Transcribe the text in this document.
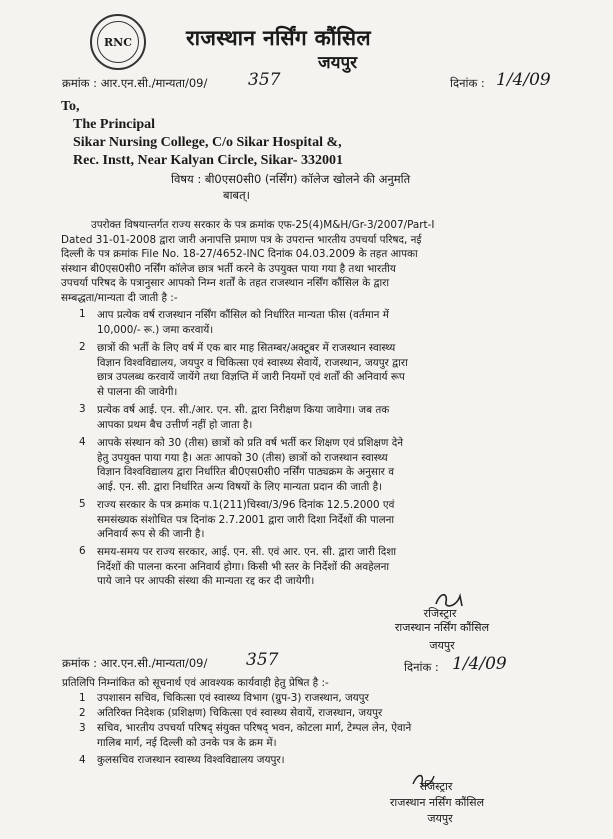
RNC	राजस्थान नर्सिंग कौंसिल
जयपुर
क्रमांक : आर.एन.सी./मान्यता/09/ 357	दिनांक : 1/4/09
To,
The Principal
Sikar Nursing College, C/o Sikar Hospital &,
Rec. Instt, Near Kalyan Circle, Sikar- 332001
विषय : बी0एस0सी0 (नर्सिंग) कॉलेज खोलने की अनुमति
बाबत्।
उपरोक्त विषयान्तर्गत राज्य सरकार के पत्र क्रमांक एफ-25(4)M&H/Gr-3/2007/Part-I
Dated 31-01-2008 द्वारा जारी अनापत्ति प्रमाण पत्र के उपरान्त भारतीय उपचर्या परिषद, नई
दिल्ली के पत्र क्रमांक File No. 18-27/4652-INC दिनांक 04.03.2009 के तहत आपका
संस्थान बी0एस0सी0 नर्सिंग कॉलेज छात्र भर्ती करने के उपयुक्त पाया गया है तथा भारतीय
उपचर्या परिषद के पत्रानुसार आपको निम्न शर्तों के तहत राजस्थान नर्सिंग कौंसिल के द्वारा
सम्बद्धता/मान्यता दी जाती है :-
1 आप प्रत्येक वर्ष राजस्थान नर्सिंग कौंसिल को निर्धारित मान्यता फीस (वर्तमान में
10,000/- रू.) जमा करवायें।
2 छात्रों की भर्ती के लिए वर्ष में एक बार माह सितम्बर/अक्टूबर में राजस्थान स्वास्थ्य
विज्ञान विश्वविद्यालय, जयपुर व चिकित्सा एवं स्वास्थ्य सेवायें, राजस्थान, जयपुर द्वारा
छात्र उपलब्ध करवायें जायेंगे तथा विज्ञप्ति में जारी नियमों एवं शर्तों की अनिवार्य रूप
से पालना की जावेगी।
3 प्रत्येक वर्ष आई. एन. सी./आर. एन. सी. द्वारा निरीक्षण किया जावेगा। जब तक
आपका प्रथम बैच उत्तीर्ण नहीं हो जाता है।
4 आपके संस्थान को 30 (तीस) छात्रों को प्रति वर्ष भर्ती कर शिक्षण एवं प्रशिक्षण देने
हेतु उपयुक्त पाया गया है। अतः आपको 30 (तीस) छात्रों को राजस्थान स्वास्थ्य
विज्ञान विश्वविद्यालय द्वारा निर्धारित बी0एस0सी0 नर्सिंग पाठ्यक्रम के अनुसार व
आई. एन. सी. द्वारा निर्धारित अन्य विषयों के लिए मान्यता प्रदान की जाती है।
5 राज्य सरकार के पत्र क्रमांक प.1(211)चिस्वा/3/96 दिनांक 12.5.2000 एवं
समसंख्यक संशोधित पत्र दिनांक 2.7.2001 द्वारा जारी दिशा निर्देशों की पालना
अनिवार्य रूप से की जानी है।
6 समय-समय पर राज्य सरकार, आई. एन. सी. एवं आर. एन. सी. द्वारा जारी दिशा
निर्देशों की पालना करना अनिवार्य होगा। किसी भी स्तर के निर्देशों की अवहेलना
पाये जाने पर आपकी संस्था की मान्यता रद्द कर दी जायेगी।
रजिस्ट्रार
राजस्थान नर्सिंग कौंसिल
जयपुर
क्रमांक : आर.एन.सी./मान्यता/09/ 357	दिनांक : 1/4/09
प्रतिलिपि निम्नांकित को सूचनार्थ एवं आवश्यक कार्यवाही हेतु प्रेषित है :-
1 उपशासन सचिव, चिकित्सा एवं स्वास्थ्य विभाग (ग्रुप-3) राजस्थान, जयपुर
2 अतिरिक्त निदेशक (प्रशिक्षण) चिकित्सा एवं स्वास्थ्य सेवायें, राजस्थान, जयपुर
3 सचिव, भारतीय उपचर्या परिषद् संयुक्त परिषद् भवन, कोटला मार्ग, टेम्पल लेन, ऐवाने
गालिब मार्ग, नई दिल्ली को उनके पत्र के क्रम में।
4 कुलसचिव राजस्थान स्वास्थ्य विश्वविद्यालय जयपुर।
रजिस्ट्रार
राजस्थान नर्सिंग कौंसिल
जयपुर
